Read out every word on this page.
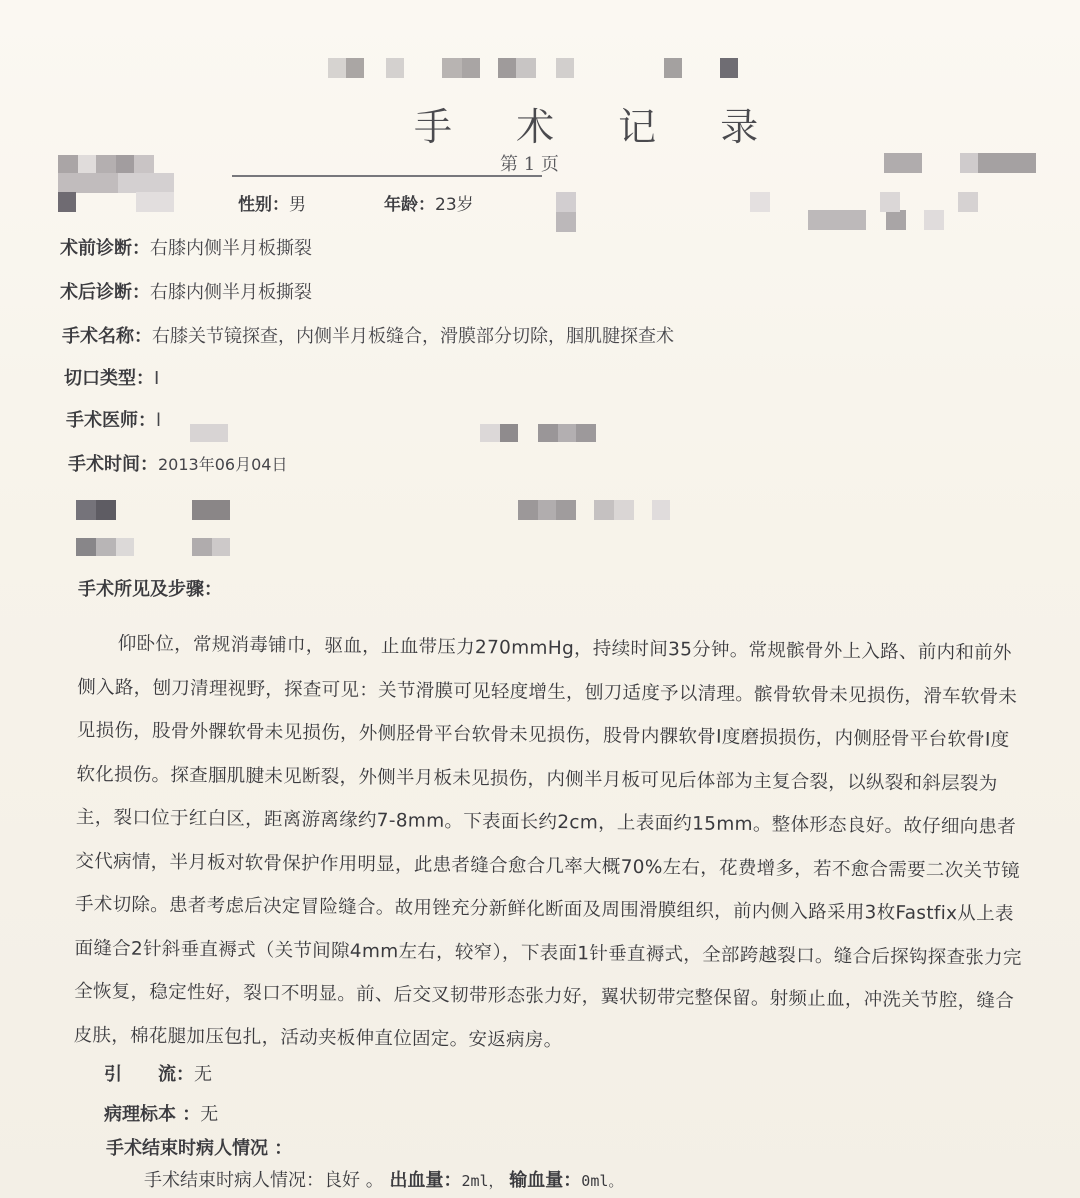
手 术 记 录
第 1 页
性别：男	年龄：23岁
术前诊断：右膝内侧半月板撕裂
术后诊断：右膝内侧半月板撕裂
手术名称：右膝关节镜探查，内侧半月板缝合，滑膜部分切除，腘肌腱探查术
切口类型：I
手术医师：l
手术时间：2013年06月04日
手术所见及步骤：
仰卧位，常规消毒铺巾，驱血，止血带压力270mmHg，持续时间35分钟。常规髌骨外上入路、前内和前外侧入路，刨刀清理视野，探查可见：关节滑膜可见轻度增生，刨刀适度予以清理。髌骨软骨未见损伤，滑车软骨未见损伤，股骨外髁软骨未见损伤，外侧胫骨平台软骨未见损伤，股骨内髁软骨I度磨损损伤，内侧胫骨平台软骨I度软化损伤。探查腘肌腱未见断裂，外侧半月板未见损伤，内侧半月板可见后体部为主复合裂，以纵裂和斜层裂为主，裂口位于红白区，距离游离缘约7-8mm。下表面长约2cm，上表面约15mm。整体形态良好。故仔细向患者交代病情，半月板对软骨保护作用明显，此患者缝合愈合几率大概70%左右，花费增多，若不愈合需要二次关节镜手术切除。患者考虑后决定冒险缝合。故用锉充分新鲜化断面及周围滑膜组织，前内侧入路采用3枚Fastfix从上表面缝合2针斜垂直褥式（关节间隙4mm左右，较窄），下表面1针垂直褥式，全部跨越裂口。缝合后探钩探查张力完全恢复，稳定性好，裂口不明显。前、后交叉韧带形态张力好，翼状韧带完整保留。射频止血，冲洗关节腔，缝合皮肤，棉花腿加压包扎，活动夹板伸直位固定。安返病房。
引　　流：无
病理标本 ：无
手术结束时病人情况 ：
手术结束时病人情况：良好 。 出血量：2ml， 输血量：0ml。
